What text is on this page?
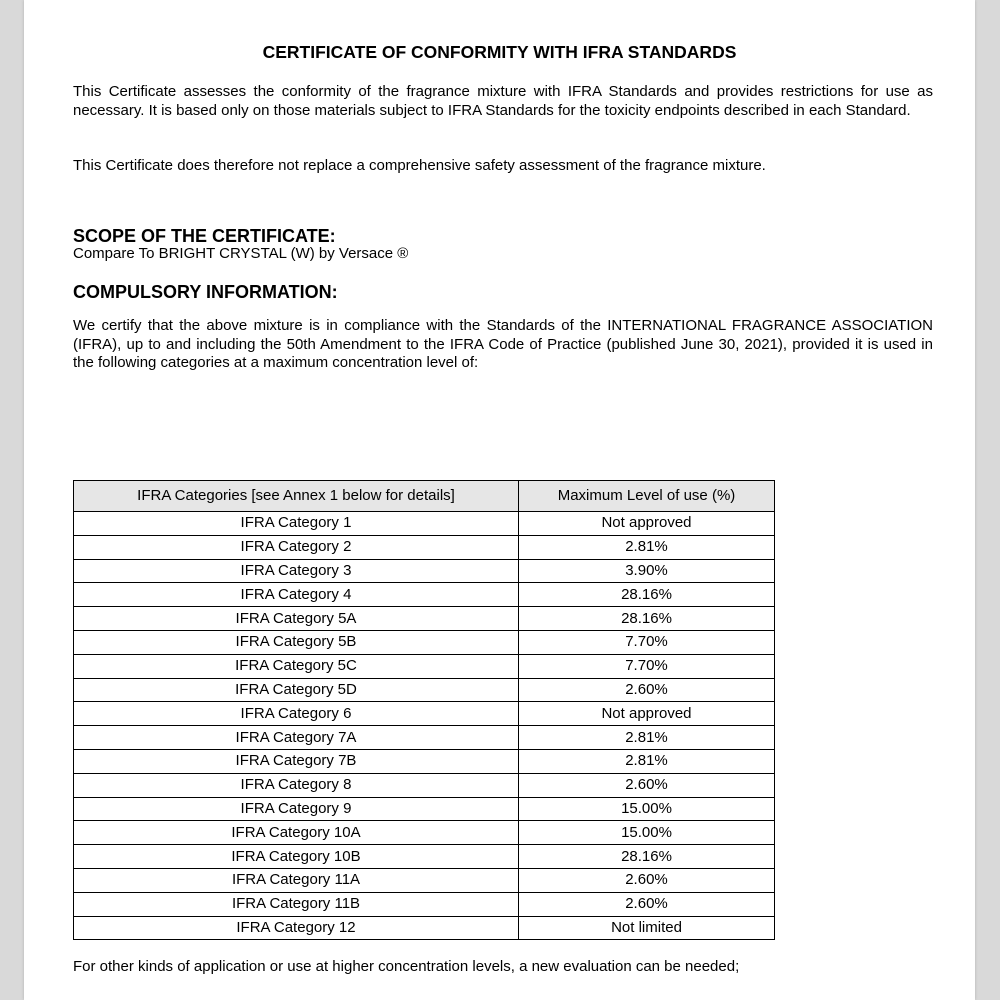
CERTIFICATE OF CONFORMITY WITH IFRA STANDARDS

This Certificate assesses the conformity of the fragrance mixture with IFRA Standards and provides restrictions for use as necessary. It is based only on those materials subject to IFRA Standards for the toxicity endpoints described in each Standard.

This Certificate does therefore not replace a comprehensive safety assessment of the fragrance mixture.

SCOPE OF THE CERTIFICATE:

Compare To BRIGHT CRYSTAL (W) by Versace ®

COMPULSORY INFORMATION:

We certify that the above mixture is in compliance with the Standards of the INTERNATIONAL FRAGRANCE ASSOCIATION (IFRA), up to and including the 50th Amendment to the IFRA Code of Practice (published June 30, 2021), provided it is used in the following categories at a maximum concentration level of:

IFRA Categories [see Annex 1 below for details]	Maximum Level of use (%)
IFRA Category 1	Not approved
IFRA Category 2	2.81%
IFRA Category 3	3.90%
IFRA Category 4	28.16%
IFRA Category 5A	28.16%
IFRA Category 5B	7.70%
IFRA Category 5C	7.70%
IFRA Category 5D	2.60%
IFRA Category 6	Not approved
IFRA Category 7A	2.81%
IFRA Category 7B	2.81%
IFRA Category 8	2.60%
IFRA Category 9	15.00%
IFRA Category 10A	15.00%
IFRA Category 10B	28.16%
IFRA Category 11A	2.60%
IFRA Category 11B	2.60%
IFRA Category 12	Not limited

For other kinds of application or use at higher concentration levels, a new evaluation can be needed;
